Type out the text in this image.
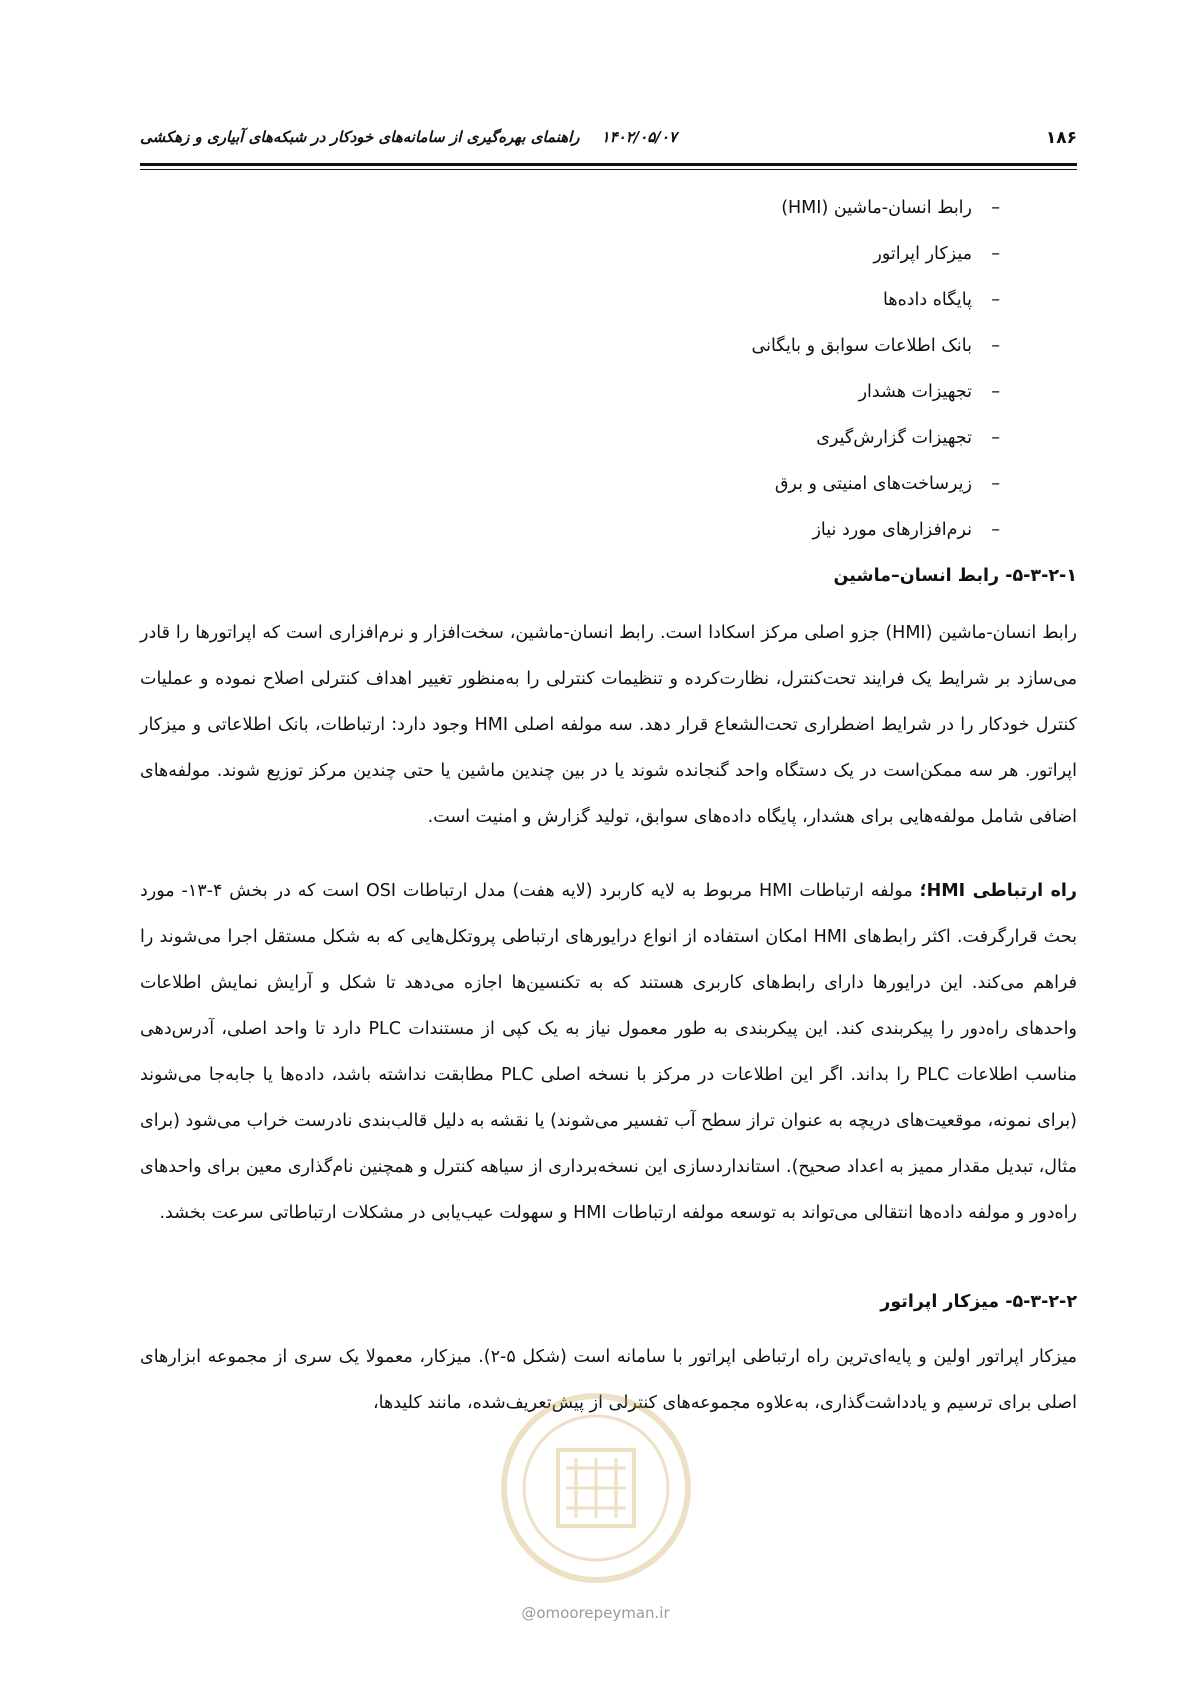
۱۸۶
۱۴۰۲/۰۵/۰۷راهنمای بهره‌گیری از سامانه‌های خودکار در شبکه‌های آبیاری و زهکشی
–رابط انسان-ماشین (HMI)
–میزکار اپراتور
–پایگاه داده‌ها
–بانک اطلاعات سوابق و بایگانی
–تجهیزات هشدار
–تجهیزات گزارش‌گیری
–زیرساخت‌های امنیتی و برق
–نرم‌افزارهای مورد نیاز
۵-۳-۲-۱- رابط انسان–ماشین

رابط انسان-ماشین (HMI) جزو اصلی مرکز اسکادا است. رابط انسان-ماشین، سخت‌افزار و نرم‌افزاری است که اپراتورها را قادر می‌سازد بر شرایط یک فرایند تحت‌کنترل، نظارت‌کرده و تنظیمات کنترلی را به‌منظور تغییر اهداف کنترلی اصلاح نموده و عملیات کنترل خودکار را در شرایط اضطراری تحت‌الشعاع قرار دهد. سه مولفه اصلی HMI وجود دارد: ارتباطات، بانک اطلاعاتی و میزکار اپراتور. هر سه ممکن‌است در یک دستگاه واحد گنجانده شوند یا در بین چندین ماشین یا حتی چندین مرکز توزیع شوند. مولفه‌های اضافی شامل مولفه‌هایی برای هشدار، پایگاه داده‌های سوابق، تولید گزارش و امنیت است.

راه ارتباطی HMI؛ مولفه ارتباطات HMI مربوط به لایه کاربرد (لایه هفت) مدل ارتباطات OSI است که در بخش ۴-۱۳- مورد بحث قرارگرفت. اکثر رابط‌های HMI امکان استفاده از انواع درایورهای ارتباطی پروتکل‌هایی که به شکل مستقل اجرا می‌شوند را فراهم می‌کند. این درایورها دارای رابط‌های کاربری هستند که به تکنسین‌ها اجازه می‌دهد تا شکل و آرایش نمایش اطلاعات واحدهای راه‌دور را پیکربندی کند. این پیکربندی به طور معمول نیاز به یک کپی از مستندات PLC دارد تا واحد اصلی، آدرس‌دهی مناسب اطلاعات PLC را بداند. اگر این اطلاعات در مرکز با نسخه اصلی PLC مطابقت نداشته باشد، داده‌ها یا جابه‌جا می‌شوند (برای نمونه، موقعیت‌های دریچه به عنوان تراز سطح آب تفسیر می‌شوند) یا نقشه به دلیل قالب‌بندی نادرست خراب می‌شود (برای مثال، تبدیل مقدار ممیز به اعداد صحیح). استانداردسازی این نسخه‌برداری از سیاهه کنترل و همچنین نام‌گذاری معین برای واحدهای راه‌دور و مولفه داده‌ها انتقالی می‌تواند به توسعه مولفه ارتباطات HMI و سهولت عیب‌یابی در مشکلات ارتباطاتی سرعت بخشد.

۵-۳-۲-۲- میزکار اپراتور

میزکار اپراتور اولین و پایه‌ای‌ترین راه ارتباطی اپراتور با سامانه است (شکل ۵-۲). میزکار، معمولا یک سری از مجموعه ابزارهای اصلی برای ترسیم و یادداشت‌گذاری، به‌علاوه مجموعه‌های کنترلی از پیش‌تعریف‌شده، مانند کلیدها،

@omoorepeyman.ir
